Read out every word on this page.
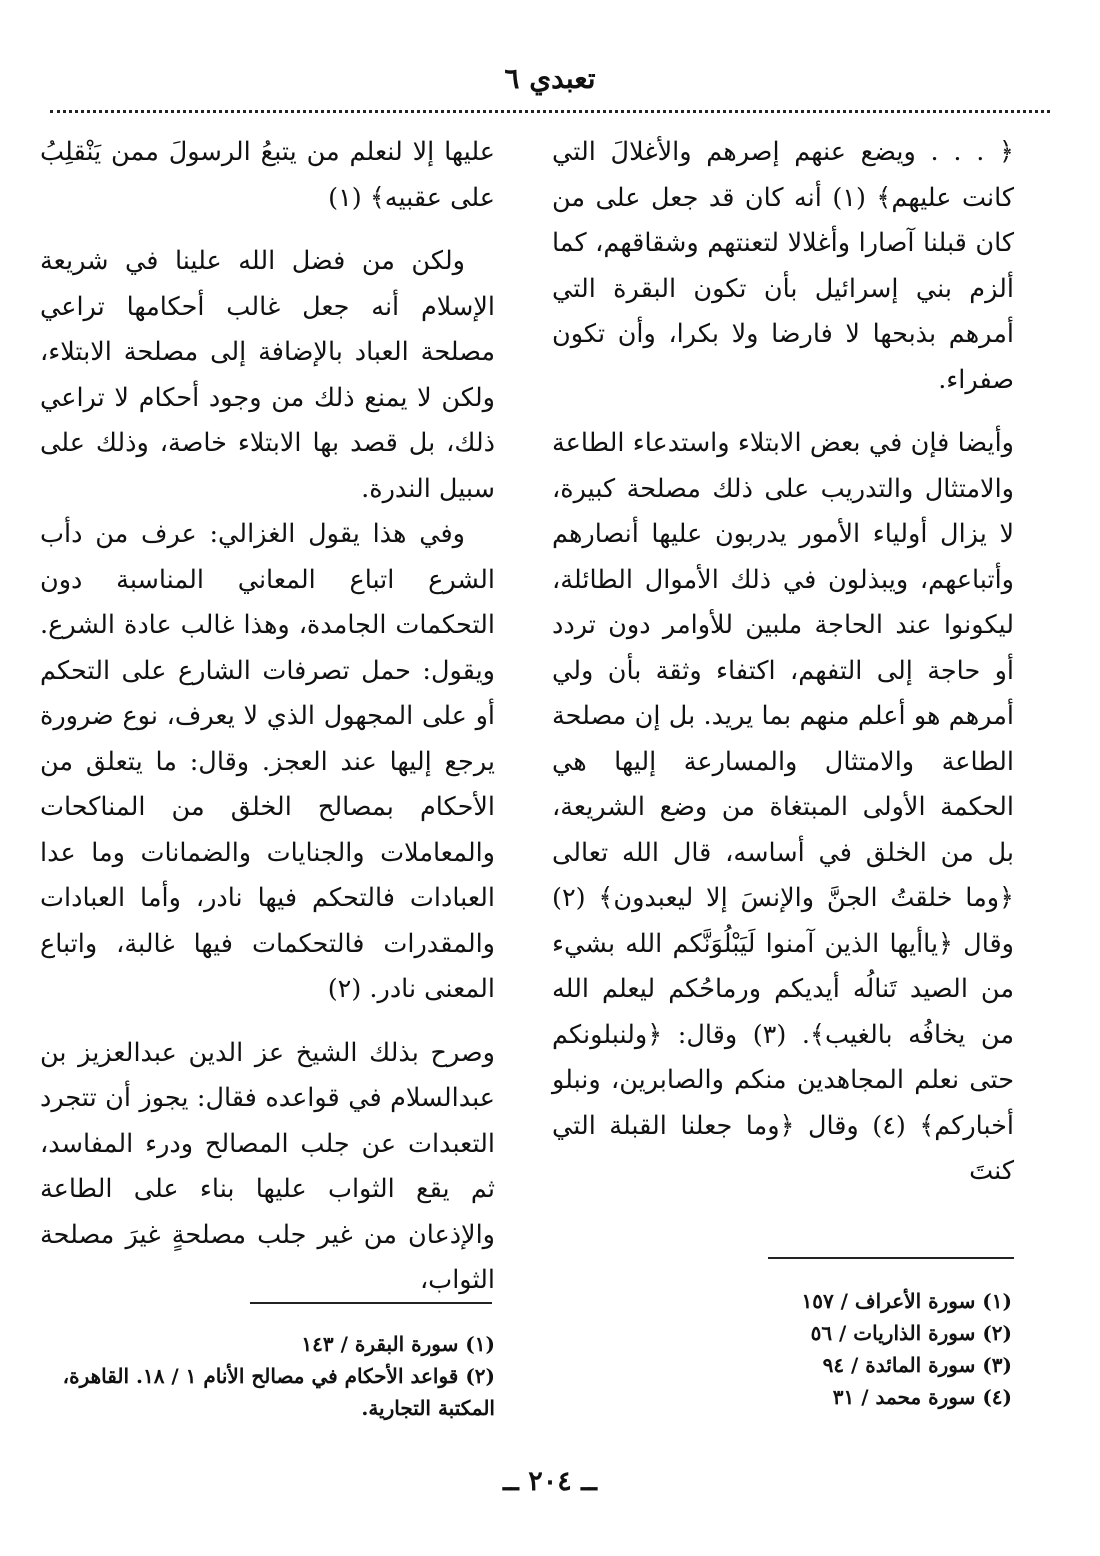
تعبدي ٦

﴿ . . . ويضع عنهم إصرهم والأغلالَ التي كانت عليهم﴾ (١) أنه كان قد جعل على من كان قبلنا آصارا وأغلالا لتعنتهم وشقاقهم، كما ألزم بني إسرائيل بأن تكون البقرة التي أمرهم بذبحها لا فارضا ولا بكرا، وأن تكون صفراء.

وأيضا فإن في بعض الابتلاء واستدعاء الطاعة والامتثال والتدريب على ذلك مصلحة كبيرة، لا يزال أولياء الأمور يدربون عليها أنصارهم وأتباعهم، ويبذلون في ذلك الأموال الطائلة، ليكونوا عند الحاجة ملبين للأوامر دون تردد أو حاجة إلى التفهم، اكتفاء وثقة بأن ولي أمرهم هو أعلم منهم بما يريد. بل إن مصلحة الطاعة والامتثال والمسارعة إليها هي الحكمة الأولى المبتغاة من وضع الشريعة، بل من الخلق في أساسه، قال الله تعالى ﴿وما خلقتُ الجنَّ والإنسَ إلا ليعبدون﴾ (٢) وقال ﴿ياأيها الذين آمنوا لَيَبْلُوَنَّكم الله بشيء من الصيد تَنالُه أيديكم ورماحُكم ليعلم الله من يخافُه بالغيب﴾. (٣) وقال: ﴿ولنبلونكم حتى نعلم المجاهدين منكم والصابرين، ونبلو أخباركم﴾ (٤) وقال ﴿وما جعلنا القبلة التي كنتَ

عليها إلا لنعلم من يتبعُ الرسولَ ممن يَنْقلِبُ على عقبيه﴾ (١)

ولكن من فضل الله علينا في شريعة الإسلام أنه جعل غالب أحكامها تراعي مصلحة العباد بالإضافة إلى مصلحة الابتلاء، ولكن لا يمنع ذلك من وجود أحكام لا تراعي ذلك، بل قصد بها الابتلاء خاصة، وذلك على سبيل الندرة.

وفي هذا يقول الغزالي: عرف من دأب الشرع اتباع المعاني المناسبة دون التحكمات الجامدة، وهذا غالب عادة الشرع. ويقول: حمل تصرفات الشارع على التحكم أو على المجهول الذي لا يعرف، نوع ضرورة يرجع إليها عند العجز. وقال: ما يتعلق من الأحكام بمصالح الخلق من المناكحات والمعاملات والجنايات والضمانات وما عدا العبادات فالتحكم فيها نادر، وأما العبادات والمقدرات فالتحكمات فيها غالبة، واتباع المعنى نادر. (٢)

وصرح بذلك الشيخ عز الدين عبدالعزيز بن عبدالسلام في قواعده فقال: يجوز أن تتجرد التعبدات عن جلب المصالح ودرء المفاسد، ثم يقع الثواب عليها بناء على الطاعة والإذعان من غير جلب مصلحةٍ غيرَ مصلحة الثواب،

(١) سورة الأعراف / ١٥٧
(٢) سورة الذاريات / ٥٦
(٣) سورة المائدة / ٩٤
(٤) سورة محمد / ٣١
(١) سورة البقرة / ١٤٣
(٢) قواعد الأحكام في مصالح الأنام ١ / ١٨. القاهرة، المكتبة التجارية.
ــ ٢٠٤ ــ
